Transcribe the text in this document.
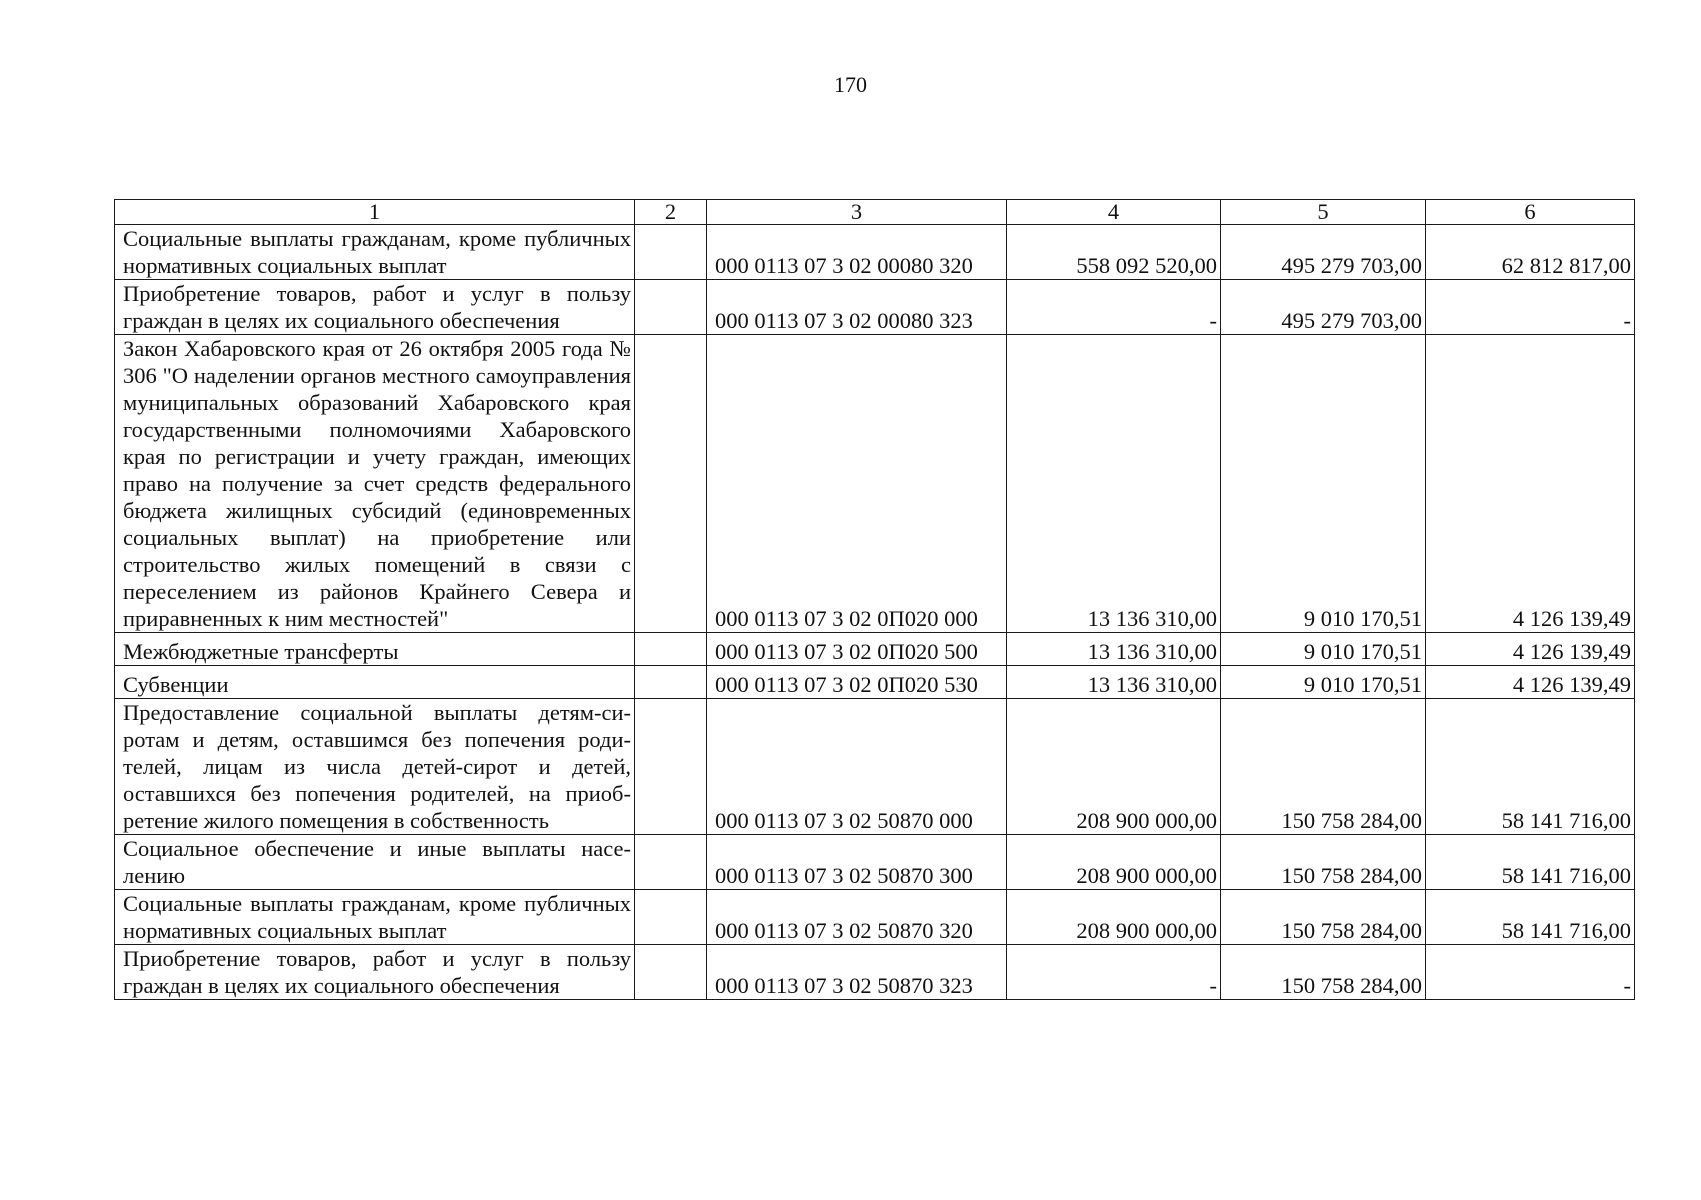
170
1	2	3	4	5	6
Социальные выплаты гражданам, кроме публичных нормативных социальных выплат		000 0113 07 3 02 00080 320	558 092 520,00	495 279 703,00	62 812 817,00
Приобретение товаров, работ и услуг в пользу граждан в целях их социального обеспечения		000 0113 07 3 02 00080 323	-	495 279 703,00	-
Закон Хабаровского края от 26 октября 2005 года № 306 "О наделении органов местного самоуправления муниципальных образований Хабаровского края государственными полномочиями Хабаровского края по регистрации и учету граждан, имеющих право на получение за счет средств федерального бюджета жилищных субсидий (единовременных социальных выплат) на приобретение или строительство жилых помещений в связи с переселением из районов Крайнего Севера и приравненных к ним местностей"		000 0113 07 3 02 0П020 000	13 136 310,00	9 010 170,51	4 126 139,49
Межбюджетные трансферты		000 0113 07 3 02 0П020 500	13 136 310,00	9 010 170,51	4 126 139,49
Субвенции		000 0113 07 3 02 0П020 530	13 136 310,00	9 010 170,51	4 126 139,49
Предоставление социальной выплаты детям-сиротам и детям, оставшимся без попечения родителей, лицам из числа детей-сирот и детей, оставшихся без попечения родителей, на приобретение жилого помещения в собственность		000 0113 07 3 02 50870 000	208 900 000,00	150 758 284,00	58 141 716,00
Социальное обеспечение и иные выплаты населению		000 0113 07 3 02 50870 300	208 900 000,00	150 758 284,00	58 141 716,00
Социальные выплаты гражданам, кроме публичных нормативных социальных выплат		000 0113 07 3 02 50870 320	208 900 000,00	150 758 284,00	58 141 716,00
Приобретение товаров, работ и услуг в пользу граждан в целях их социального обеспечения		000 0113 07 3 02 50870 323	-	150 758 284,00	-
